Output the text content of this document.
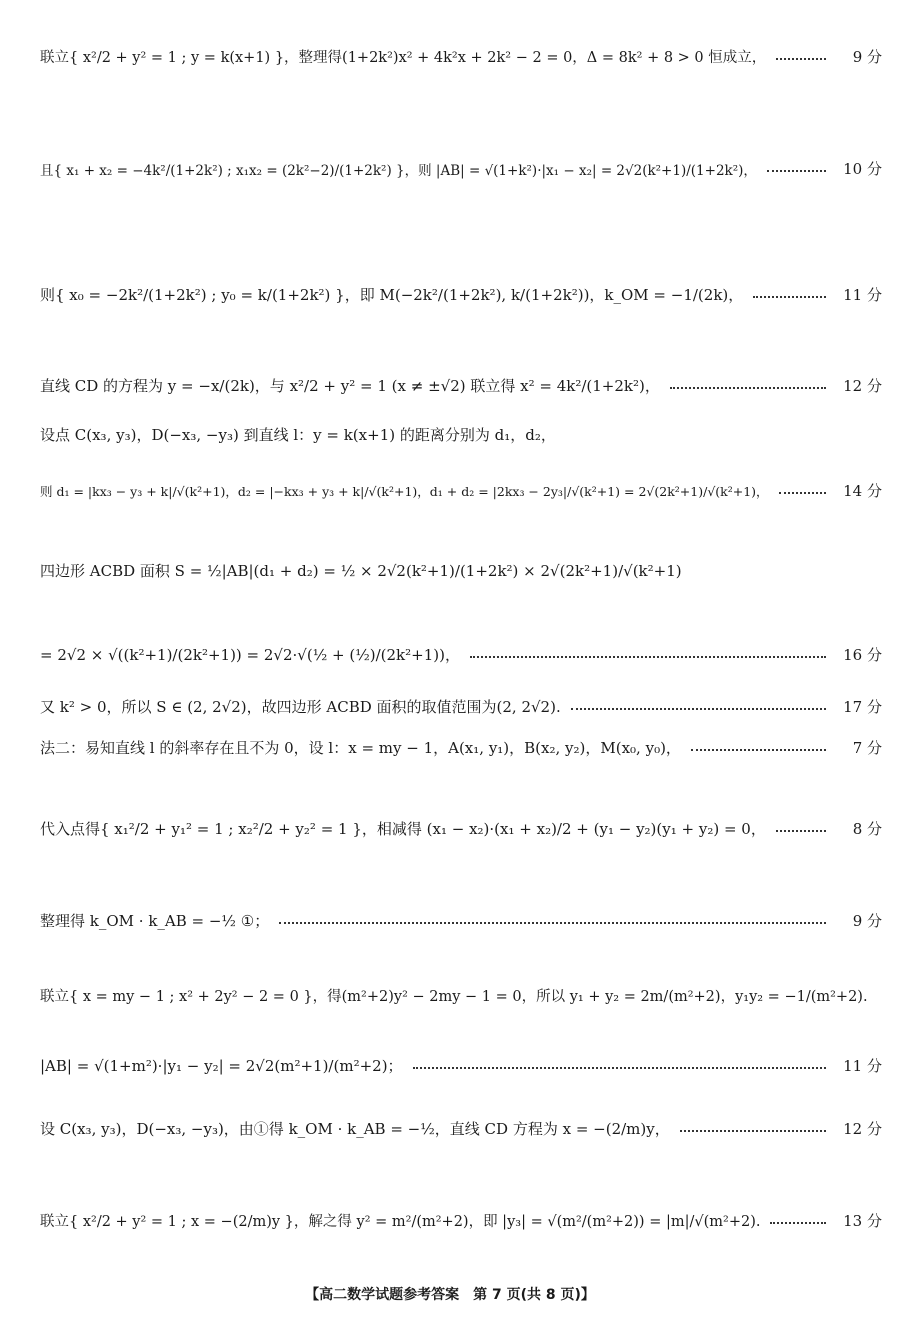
联立{ x²/2 + y² = 1 ; y = k(x+1) }，整理得(1+2k²)x² + 4k²x + 2k² − 2 = 0，Δ = 8k² + 8 > 0 恒成立，	9 分
且{ x₁ + x₂ = −4k²/(1+2k²) ; x₁x₂ = (2k²−2)/(1+2k²) }，则 |AB| = √(1+k²)·|x₁ − x₂| = 2√2(k²+1)/(1+2k²)，	10 分
则{ x₀ = −2k²/(1+2k²) ; y₀ = k/(1+2k²) }，即 M(−2k²/(1+2k²), k/(1+2k²))，k_OM = −1/(2k)，	11 分
直线 CD 的方程为 y = −x/(2k)，与 x²/2 + y² = 1 (x ≠ ±√2) 联立得 x² = 4k²/(1+2k²)，	12 分
设点 C(x₃, y₃)，D(−x₃, −y₃) 到直线 l：y = k(x+1) 的距离分别为 d₁，d₂，
则 d₁ = |kx₃ − y₃ + k|/√(k²+1)，d₂ = |−kx₃ + y₃ + k|/√(k²+1)，d₁ + d₂ = |2kx₃ − 2y₃|/√(k²+1) = 2√(2k²+1)/√(k²+1)，	14 分
四边形 ACBD 面积 S = ½|AB|(d₁ + d₂) = ½ × 2√2(k²+1)/(1+2k²) × 2√(2k²+1)/√(k²+1)
= 2√2 × √((k²+1)/(2k²+1)) = 2√2·√(½ + (½)/(2k²+1))，	16 分
又 k² > 0，所以 S ∈ (2, 2√2)，故四边形 ACBD 面积的取值范围为(2, 2√2).	17 分
法二：易知直线 l 的斜率存在且不为 0，设 l：x = my − 1，A(x₁, y₁)，B(x₂, y₂)，M(x₀, y₀)，	7 分
代入点得{ x₁²/2 + y₁² = 1 ; x₂²/2 + y₂² = 1 }，相减得 (x₁ − x₂)·(x₁ + x₂)/2 + (y₁ − y₂)(y₁ + y₂) = 0，	8 分
整理得 k_OM · k_AB = −½ ①；	9 分
联立{ x = my − 1 ; x² + 2y² − 2 = 0 }，得(m²+2)y² − 2my − 1 = 0，所以 y₁ + y₂ = 2m/(m²+2)，y₁y₂ = −1/(m²+2).
|AB| = √(1+m²)·|y₁ − y₂| = 2√2(m²+1)/(m²+2)；	11 分
设 C(x₃, y₃)，D(−x₃, −y₃)，由①得 k_OM · k_AB = −½，直线 CD 方程为 x = −(2/m)y，	12 分
联立{ x²/2 + y² = 1 ; x = −(2/m)y }，解之得 y² = m²/(m²+2)，即 |y₃| = √(m²/(m²+2)) = |m|/√(m²+2).	13 分
【高二数学试题参考答案　第 7 页(共 8 页)】
